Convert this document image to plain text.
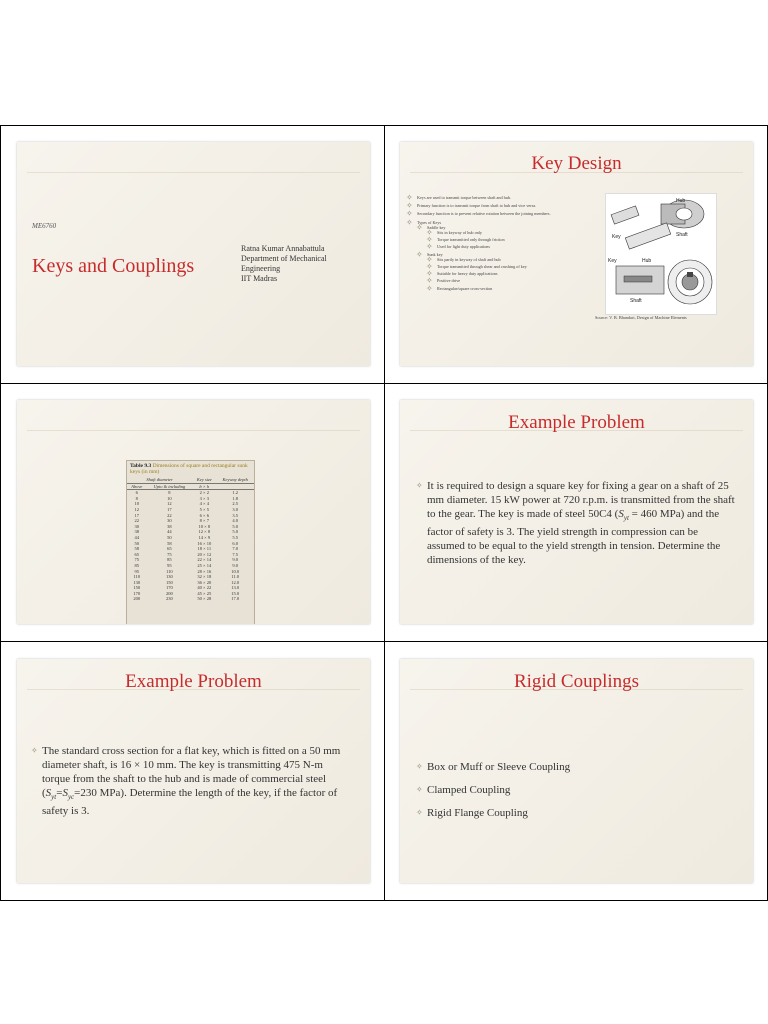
ME6760
Keys and Couplings
Ratna Kumar Annabattula
Department of Mechanical
Engineering
IIT Madras
Key Design
✧ Keys are used to transmit torque between shaft and hub.
✧ Primary function is to transmit torque from shaft to hub and vice versa.
✧ Secondary function is to prevent relative rotation between the joining members.
✧ Types of Keys
✧ Saddle key
✧ Sits in keyway of hub only
✧ Torque transmitted only through friction
✧ Used for light duty applications
✧ Sunk key
✧ Sits partly in keyway of shaft and hub
✧ Torque transmitted through shear and crushing of key
✧ Suitable for heavy duty applications
✧ Positive drive
✧ Rectangular/square cross-section
Key
Hub
Shaft
Key	Hub
Shaft
Source: V. B. Bhandari, Design of Machine Elements
Table 9.3 Dimensions of square and rectangular sunk keys (in mm)
Shaft diameter		Key size	Keyway depth
Above	Upto & including	b × h	
6	8	2 × 2	1.2
8	10	3 × 3	1.8
10	12	4 × 4	2.5
12	17	5 × 5	3.0
17	22	6 × 6	3.5
22	30	8 × 7	4.0
30	38	10 × 8	5.0
38	44	12 × 8	5.0
44	50	14 × 9	5.5
50	58	16 × 10	6.0
58	65	18 × 11	7.0
65	75	20 × 12	7.5
75	85	22 × 14	9.0
85	95	25 × 14	9.0
95	110	28 × 16	10.0
110	130	32 × 18	11.0
130	150	36 × 20	12.0
150	170	40 × 22	13.0
170	200	45 × 25	15.0
200	230	50 × 28	17.0
Example Problem
✧ It is required to design a square key for fixing a gear on a shaft of 25 mm diameter. 15 kW power at 720 r.p.m. is transmitted from the shaft to the gear. The key is made of steel 50C4 ($S_{yt} = 460$ MPa) and the factor of safety is 3. The yield strength in compression can be assumed to be equal to the yield strength in tension. Determine the dimensions of the key.
Example Problem
✧ The standard cross section for a flat key, which is fitted on a 50 mm diameter shaft, is 16 × 10 mm. The key is transmitting 475 N-m torque from the shaft to the hub and is made of commercial steel ($S_{yt}=S_{yc}=230$ MPa). Determine the length of the key, if the factor of safety is 3.
Rigid Couplings
✧ Box or Muff or Sleeve Coupling
✧ Clamped Coupling
✧ Rigid Flange Coupling
